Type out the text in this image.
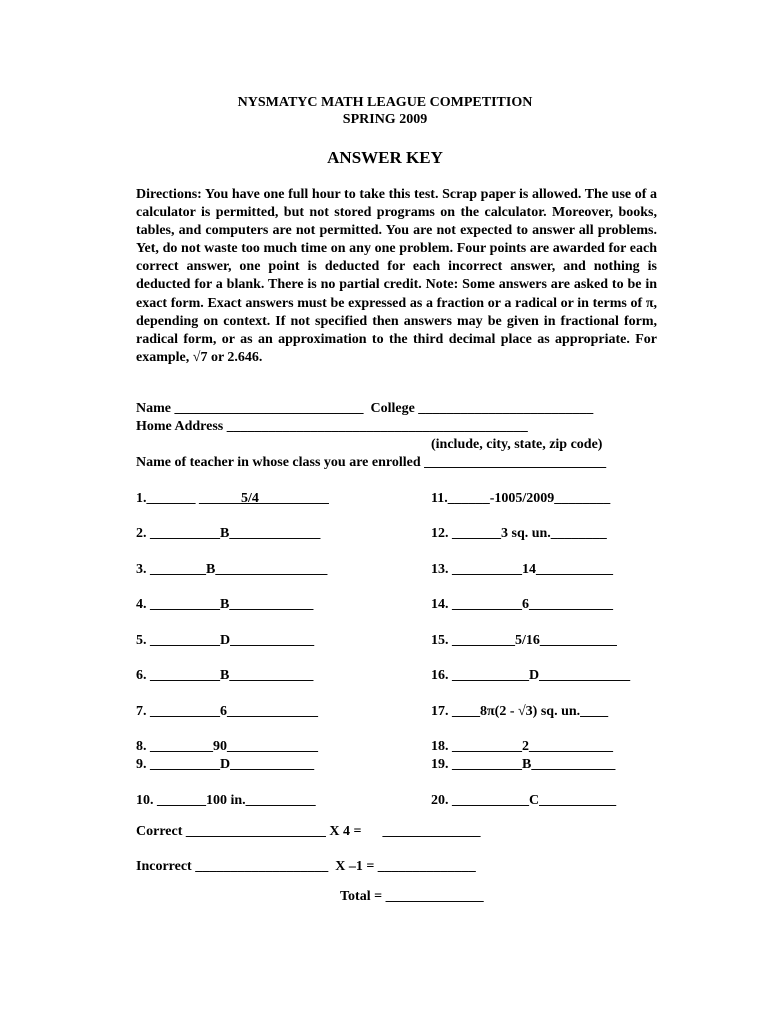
NYSMATYC MATH LEAGUE COMPETITION
SPRING 2009
ANSWER KEY
Directions: You have one full hour to take this test. Scrap paper is allowed. The use of a calculator is permitted, but not stored programs on the calculator. Moreover, books, tables, and computers are not permitted. You are not expected to answer all problems. Yet, do not waste too much time on any one problem. Four points are awarded for each correct answer, one point is deducted for each incorrect answer, and nothing is deducted for a blank. There is no partial credit. Note: Some answers are asked to be in exact form. Exact answers must be expressed as a fraction or a radical or in terms of π, depending on context. If not specified then answers may be given in fractional form, radical form, or as an approximation to the third decimal place as appropriate. For example, √7 or 2.646.
Name ___________________________  College _________________________
Home Address ___________________________________________
(include, city, state, zip code)
Name of teacher in whose class you are enrolled __________________________
1._______ ______5/4__________
2. __________B_____________
3. ________B________________
4. __________B____________
5. __________D____________
6. __________B____________
7. __________6_____________
8. _________90_____________
9. __________D____________
10. _______100 in.__________
11.______-1005/2009________
12. _______3 sq. un.________
13. __________14___________
14. __________6____________
15. _________5/16___________
16. ___________D_____________
17. ____8π(2 - √3) sq. un.____
18. __________2____________
19. __________B____________
20. ___________C___________
Correct ____________________ X 4 =      ______________
Incorrect ___________________  X –1 = ______________
Total = ______________
